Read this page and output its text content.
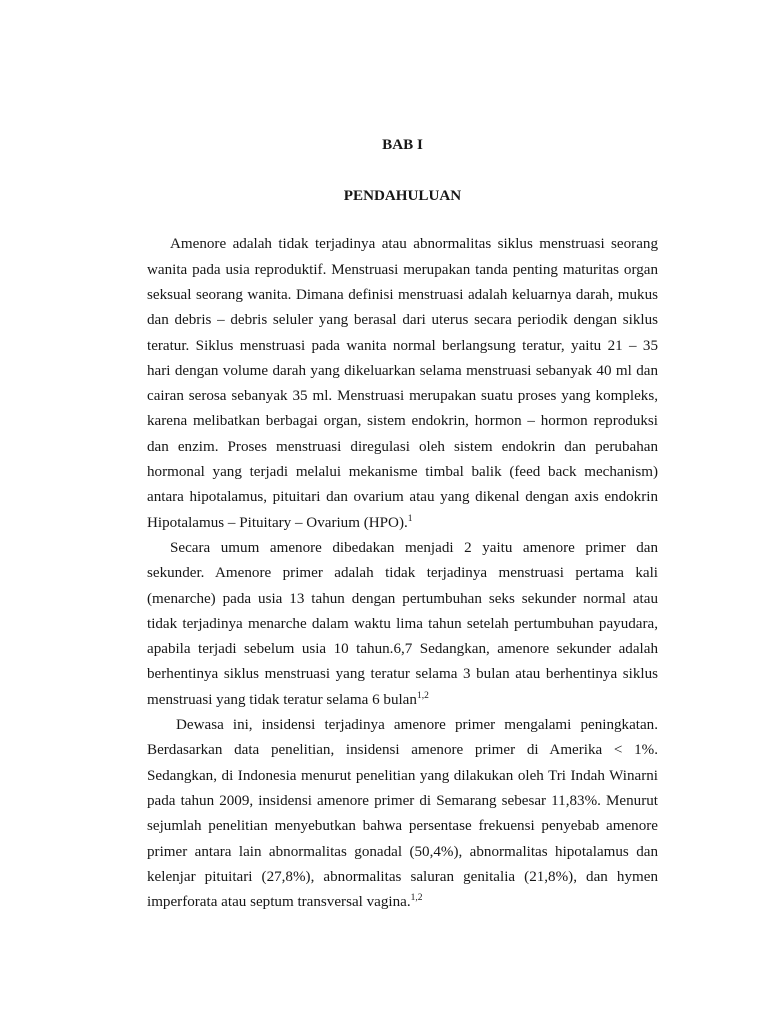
BAB I
PENDAHULUAN
Amenore adalah tidak terjadinya atau abnormalitas siklus menstruasi seorang
wanita pada usia reproduktif. Menstruasi merupakan tanda penting maturitas organ
seksual seorang wanita. Dimana definisi menstruasi adalah keluarnya darah, mukus
dan debris – debris seluler yang berasal dari uterus secara periodik dengan siklus
teratur. Siklus menstruasi pada wanita normal berlangsung teratur, yaitu 21 – 35
hari dengan volume darah yang dikeluarkan selama menstruasi sebanyak 40 ml dan
cairan serosa sebanyak 35 ml. Menstruasi merupakan suatu proses yang kompleks,
karena melibatkan berbagai organ, sistem endokrin, hormon – hormon reproduksi
dan enzim. Proses menstruasi diregulasi oleh sistem endokrin dan perubahan
hormonal yang terjadi melalui mekanisme timbal balik (feed back mechanism)
antara hipotalamus, pituitari dan ovarium atau yang dikenal dengan axis endokrin
Hipotalamus – Pituitary – Ovarium (HPO).$^1$
Secara umum amenore dibedakan menjadi 2 yaitu amenore primer dan
sekunder. Amenore primer adalah tidak terjadinya menstruasi pertama kali
(menarche) pada usia 13 tahun dengan pertumbuhan seks sekunder normal atau
tidak terjadinya menarche dalam waktu lima tahun setelah pertumbuhan payudara,
apabila terjadi sebelum usia 10 tahun.6,7 Sedangkan, amenore sekunder adalah
berhentinya siklus menstruasi yang teratur selama 3 bulan atau berhentinya siklus
menstruasi yang tidak teratur selama 6 bulan$^{1,2}$
Dewasa ini, insidensi terjadinya amenore primer mengalami peningkatan.
Berdasarkan data penelitian, insidensi amenore primer di Amerika < 1%.
Sedangkan, di Indonesia menurut penelitian yang dilakukan oleh Tri Indah Winarni
pada tahun 2009, insidensi amenore primer di Semarang sebesar 11,83%. Menurut
sejumlah penelitian menyebutkan bahwa persentase frekuensi penyebab amenore
primer antara lain abnormalitas gonadal (50,4%), abnormalitas hipotalamus dan
kelenjar pituitari (27,8%), abnormalitas saluran genitalia (21,8%), dan hymen
imperforata atau septum transversal vagina.$^{1,2}$
